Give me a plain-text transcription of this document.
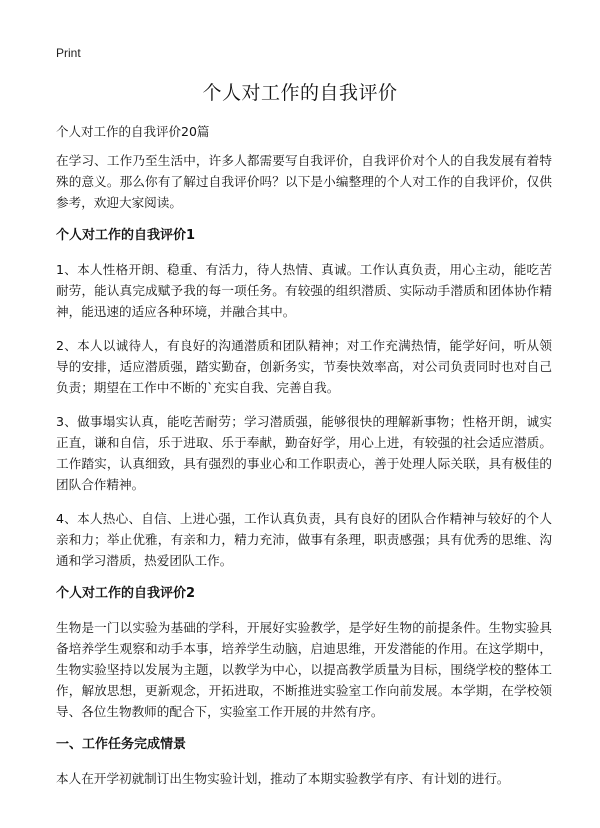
Print
个人对工作的自我评价

个人对工作的自我评价20篇

在学习、工作乃至生活中，许多人都需要写自我评价，自我评价对个人的自我发展有着特殊的意义。那么你有了解过自我评价吗？以下是小编整理的个人对工作的自我评价，仅供参考，欢迎大家阅读。

个人对工作的自我评价1

1、本人性格开朗、稳重、有活力，待人热情、真诚。工作认真负责，用心主动，能吃苦耐劳，能认真完成赋予我的每一项任务。有较强的组织潜质、实际动手潜质和团体协作精神，能迅速的适应各种环境，并融合其中。

2、本人以诚待人，有良好的沟通潜质和团队精神；对工作充满热情，能学好问，听从领导的安排，适应潜质强，踏实勤奋，创新务实，节奏快效率高，对公司负责同时也对自己负责；期望在工作中不断的`充实自我、完善自我。

3、做事塌实认真，能吃苦耐劳；学习潜质强，能够很快的理解新事物；性格开朗，诚实正直，谦和自信，乐于进取、乐于奉献，勤奋好学，用心上进，有较强的社会适应潜质。工作踏实，认真细致，具有强烈的事业心和工作职责心，善于处理人际关联，具有极佳的团队合作精神。

4、本人热心、自信、上进心强，工作认真负责，具有良好的团队合作精神与较好的个人亲和力；举止优雅，有亲和力，精力充沛，做事有条理，职责感强；具有优秀的思维、沟通和学习潜质，热爱团队工作。

个人对工作的自我评价2

生物是一门以实验为基础的学科，开展好实验教学，是学好生物的前提条件。生物实验具备培养学生观察和动手本事，培养学生动脑，启迪思维，开发潜能的作用。在这学期中，生物实验坚持以发展为主题，以教学为中心，以提高教学质量为目标，围绕学校的整体工作，解放思想，更新观念，开拓进取，不断推进实验室工作向前发展。本学期，在学校领导、各位生物教师的配合下，实验室工作开展的井然有序。

一、工作任务完成情景

本人在开学初就制订出生物实验计划，推动了本期实验教学有序、有计划的进行。
